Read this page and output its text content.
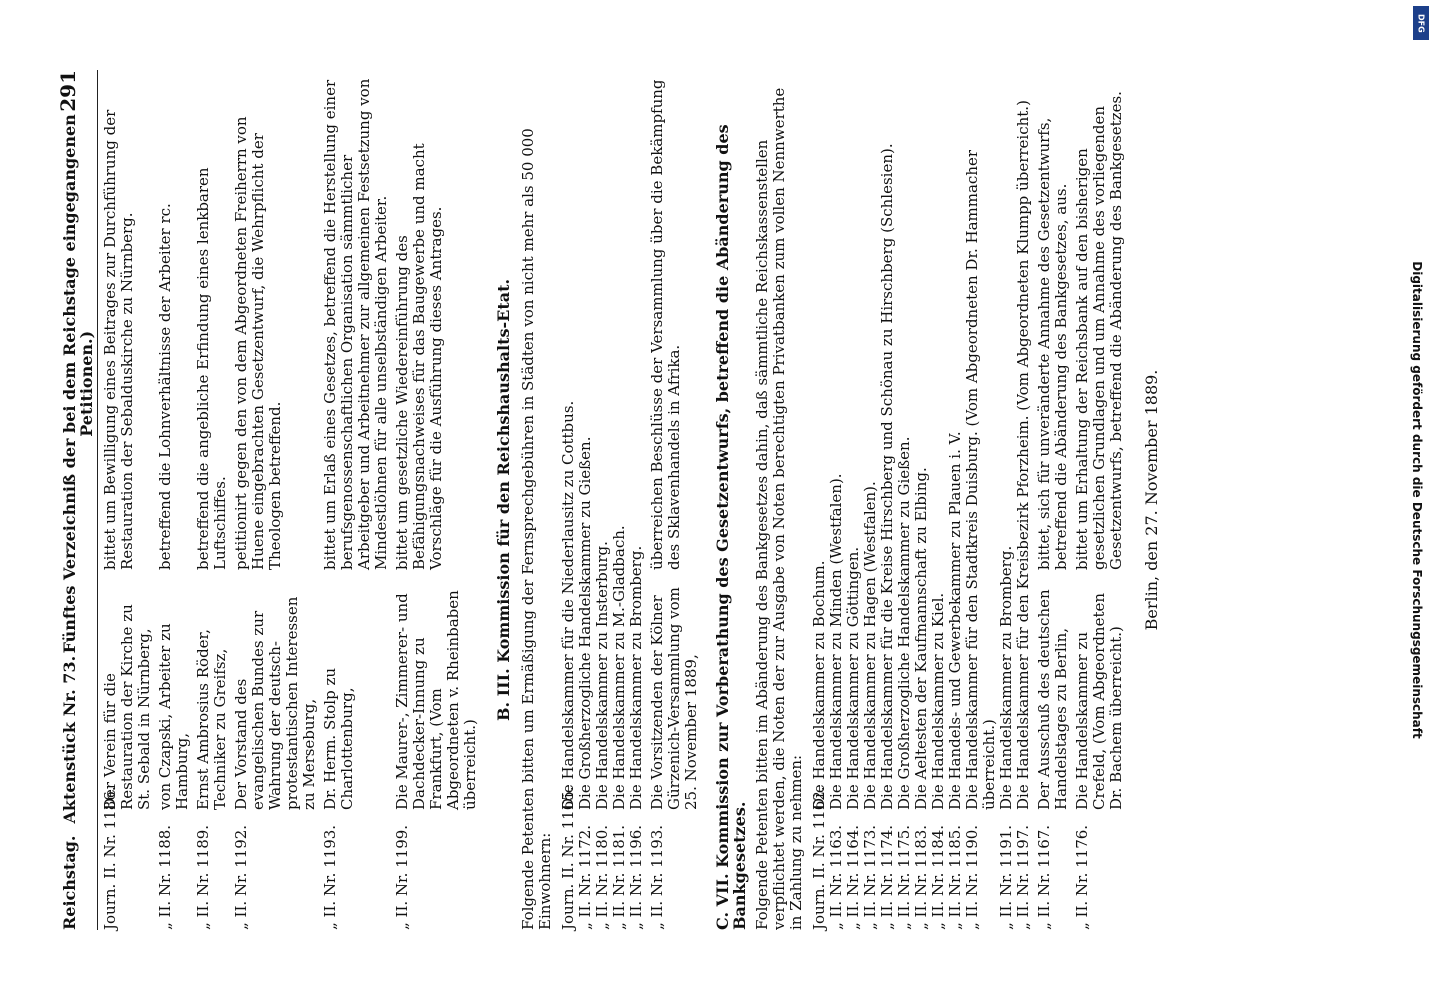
Reichstag.
Aktenstück Nr. 73.
Fünftes Verzeichniß der bei dem Reichstage eingegangenen Petitionen.)
291
Journ. II. Nr. 1186.
Der Verein für die Restauration der Kirche zu St. Sebald in Nürnberg,
bittet um Bewilligung eines Beitrages zur Durchführung der Restauration der Sebalduskirche zu Nürnberg.
„ II. Nr. 1188.
von Czapski, Arbeiter zu Hamburg,
betreffend die Lohnverhältnisse der Arbeiter rc.
„ II. Nr. 1189.
Ernst Ambrosius Röder, Techniker zu Greifsz,
betreffend die angebliche Erfindung eines lenkbaren Luftschiffes.
„ II. Nr. 1192.
Der Vorstand des evangelischen Bundes zur Wahrung der deutsch-protestantischen Interessen zu Merseburg,
petitionirt gegen den von dem Abgeordneten Freiherrn von Huene eingebrachten Gesetzentwurf, die Wehrpflicht der Theologen betreffend.
„ II. Nr. 1193.
Dr. Herm. Stolp zu Charlottenburg,
bittet um Erlaß eines Gesetzes, betreffend die Herstellung einer berufsgenossenschaftlichen Organisation sämmtlicher Arbeitgeber und Arbeitnehmer zur allgemeinen Festsetzung von Mindestlöhnen für alle unselbständigen Arbeiter.
„ II. Nr. 1199.
Die Maurer-, Zimmerer- und Dachdecker-Innung zu Frankfurt, (Vom Abgeordneten v. Rheinbaben überreicht.)
bittet um gesetzliche Wiedereinführung des Befähigungsnachweises für das Baugewerbe und macht Vorschläge für die Ausführung dieses Antrages.	B. III. Kommission für den Reichshaushalts-Etat. Folgende Petenten bitten um Ermäßigung der Fernsprechgebühren in Städten von nicht mehr als 50 000 Einwohnern: Journ. II. Nr. 1165.
Die Handelskammer für die Niederlausitz zu Cottbus.
„ II. Nr. 1172.
Die Großherzogliche Handelskammer zu Gießen.
„ II. Nr. 1180.
Die Handelskammer zu Insterburg.
„ II. Nr. 1181.
Die Handelskammer zu M.-Gladbach.
„ II. Nr. 1196.
Die Handelskammer zu Bromberg.
„ II. Nr. 1193.
Die Vorsitzenden der Kölner Gürzenich-Versammlung vom 25. November 1889,
überreichen Beschlüsse der Versammlung über die Bekämpfung des Sklavenhandels in Afrika. C. VII. Kommission zur Vorberathung des Gesetzentwurfs, betreffend die Abänderung des Bankgesetzes. Folgende Petenten bitten im Abänderung des Bankgesetzes dahin, daß sämmtliche Reichskassenstellen verpflichtet werden, die Noten der zur Ausgabe von Noten berechtigten Privatbanken zum vollen Nennwerthe in Zahlung zu nehmen: Journ. II. Nr. 1162.
Die Handelskammer zu Bochum.
„ II. Nr. 1163.
Die Handelskammer zu Minden (Westfalen).
„ II. Nr. 1164.
Die Handelskammer zu Göttingen.
„ II. Nr. 1173.
Die Handelskammer zu Hagen (Westfalen).
„ II. Nr. 1174.
Die Handelskammer für die Kreise Hirschberg und Schönau zu Hirschberg (Schlesien).
„ II. Nr. 1175.
Die Großherzogliche Handelskammer zu Gießen.
„ II. Nr. 1183.
Die Aeltesten der Kaufmannschaft zu Elbing.
„ II. Nr. 1184.
Die Handelskammer zu Kiel.
„ II. Nr. 1185.
Die Handels- und Gewerbekammer zu Plauen i. V.
„ II. Nr. 1190.
Die Handelskammer für den Stadtkreis Duisburg. (Vom Abgeordneten Dr. Hammacher überreicht.)
„ II. Nr. 1191.
Die Handelskammer zu Bromberg.
„ II. Nr. 1197.
Die Handelskammer für den Kreisbezirk Pforzheim. (Vom Abgeordneten Klumpp überreicht.)
„ II. Nr. 1167.
Der Ausschuß des deutschen Handelstages zu Berlin,
bittet, sich für unveränderte Annahme des Gesetzentwurfs, betreffend die Abänderung des Bankgesetzes, aus.
„ II. Nr. 1176.
Die Handelskammer zu Crefeld, (Vom Abgeordneten Dr. Bachem überreicht.)
bittet um Erhaltung der Reichsbank auf den bisherigen gesetzlichen Grundlagen und um Annahme des vorliegenden Gesetzentwurfs, betreffend die Abänderung des Bankgesetzes. Berlin, den 27. November 1889.	Digitalisierung gefördert durch die Deutsche Forschungsgemeinschaft
DFG
